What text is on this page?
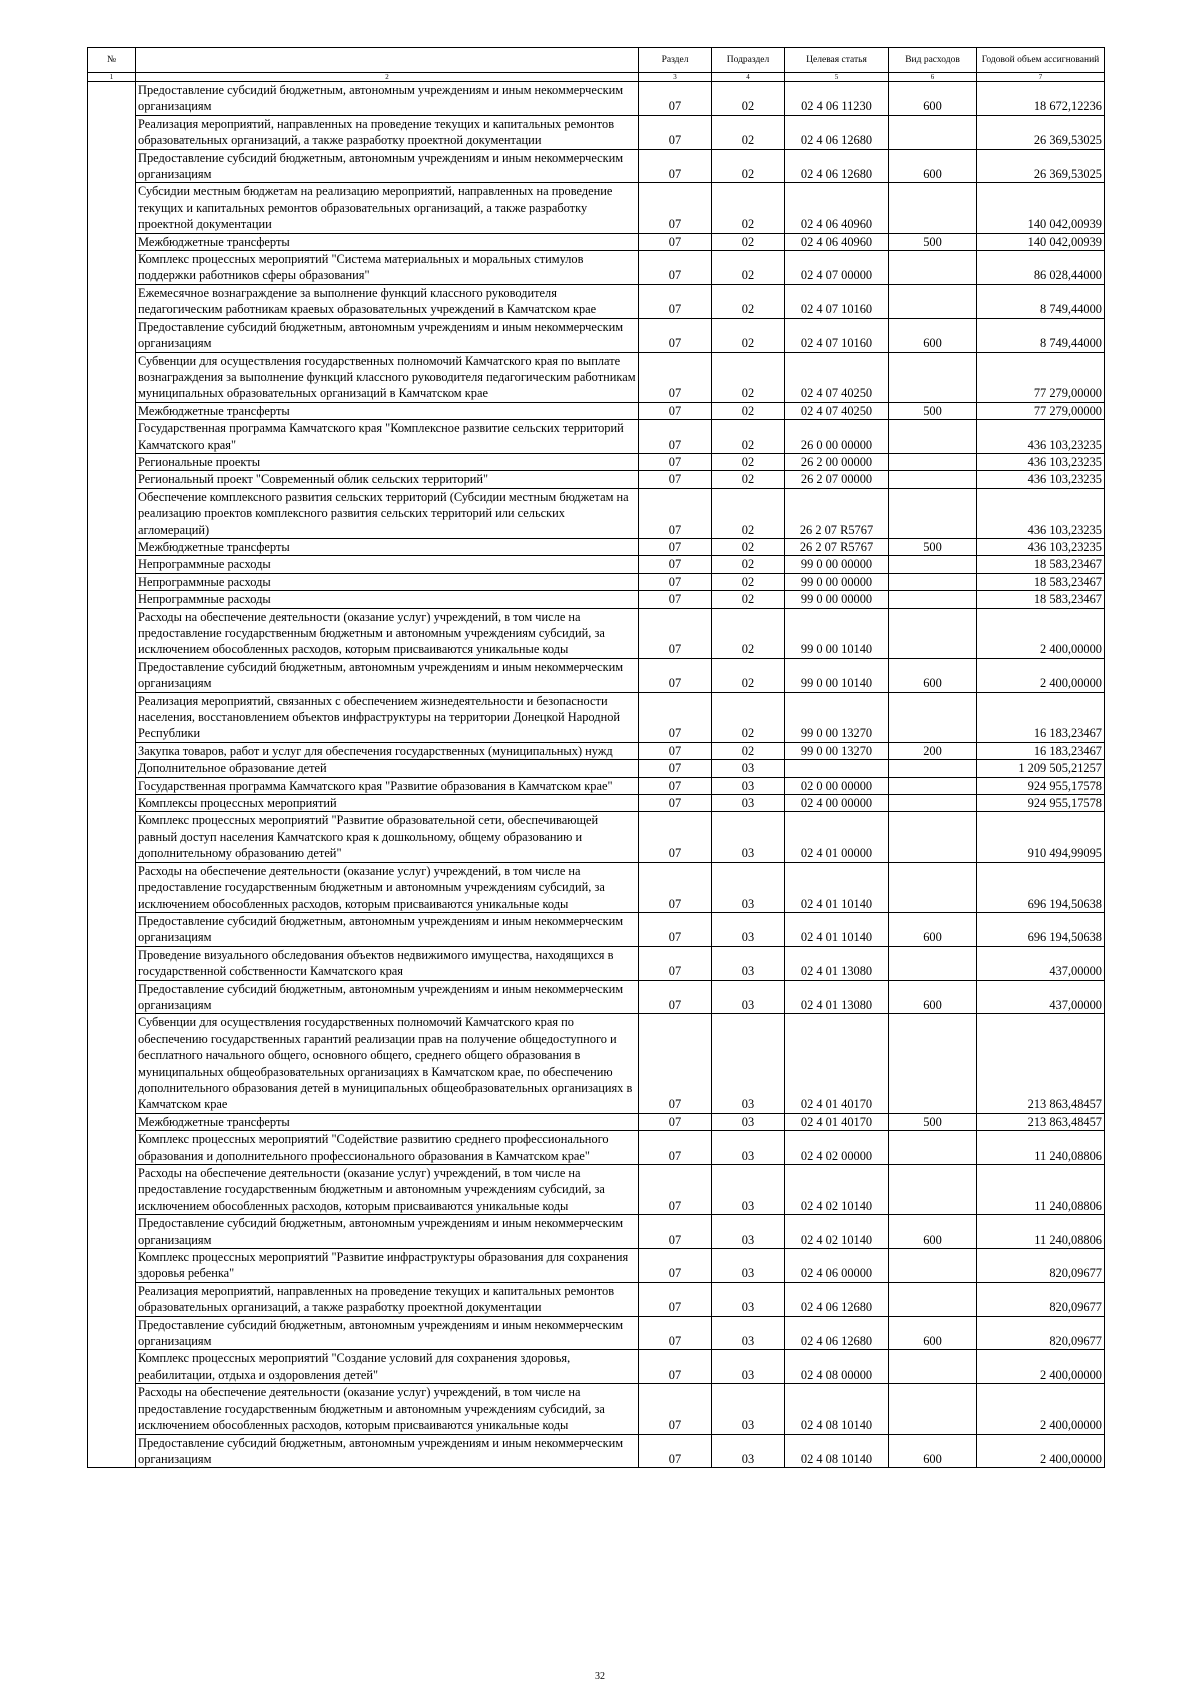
№		Раздел	Подраздел	Целевая статья	Вид расходов	Годовой объем ассигнований
1	2	3	4	5	6	7
	Предоставление субсидий бюджетным, автономным учреждениям и иным некоммерческим организациям	07	02	02 4 06 11230	600	18 672,12236
	Реализация мероприятий, направленных на проведение текущих и капитальных ремонтов образовательных организаций, а также разработку проектной документации	07	02	02 4 06 12680		26 369,53025
	Предоставление субсидий бюджетным, автономным учреждениям и иным некоммерческим организациям	07	02	02 4 06 12680	600	26 369,53025
	Субсидии местным бюджетам на реализацию мероприятий, направленных на проведение текущих и капитальных ремонтов образовательных организаций, а также разработку проектной документации	07	02	02 4 06 40960		140 042,00939
	Межбюджетные трансферты	07	02	02 4 06 40960	500	140 042,00939
	Комплекс процессных мероприятий "Система материальных и моральных стимулов поддержки работников сферы образования"	07	02	02 4 07 00000		86 028,44000
	Ежемесячное вознаграждение за выполнение функций классного руководителя педагогическим работникам краевых образовательных учреждений в Камчатском крае	07	02	02 4 07 10160		8 749,44000
	Предоставление субсидий бюджетным, автономным учреждениям и иным некоммерческим организациям	07	02	02 4 07 10160	600	8 749,44000
	Субвенции для осуществления государственных полномочий Камчатского края по выплате вознаграждения за выполнение функций классного руководителя педагогическим работникам муниципальных образовательных организаций в Камчатском крае	07	02	02 4 07 40250		77 279,00000
	Межбюджетные трансферты	07	02	02 4 07 40250	500	77 279,00000
	Государственная программа Камчатского края "Комплексное развитие сельских территорий Камчатского края"	07	02	26 0 00 00000		436 103,23235
	Региональные проекты	07	02	26 2 00 00000		436 103,23235
	Региональный проект "Современный облик сельских территорий"	07	02	26 2 07 00000		436 103,23235
	Обеспечение комплексного развития сельских территорий (Субсидии местным бюджетам на реализацию проектов комплексного развития сельских территорий или сельских агломераций)	07	02	26 2 07 R5767		436 103,23235
	Межбюджетные трансферты	07	02	26 2 07 R5767	500	436 103,23235
	Непрограммные расходы	07	02	99 0 00 00000		18 583,23467
	Непрограммные расходы	07	02	99 0 00 00000		18 583,23467
	Непрограммные расходы	07	02	99 0 00 00000		18 583,23467
	Расходы на обеспечение деятельности (оказание услуг) учреждений, в том числе на предоставление государственным бюджетным и автономным учреждениям субсидий, за исключением обособленных расходов, которым присваиваются уникальные коды	07	02	99 0 00 10140		2 400,00000
	Предоставление субсидий бюджетным, автономным учреждениям и иным некоммерческим организациям	07	02	99 0 00 10140	600	2 400,00000
	Реализация мероприятий, связанных с обеспечением жизнедеятельности и безопасности населения, восстановлением объектов инфраструктуры на территории Донецкой Народной Республики	07	02	99 0 00 13270		16 183,23467
	Закупка товаров, работ и услуг для обеспечения государственных (муниципальных) нужд	07	02	99 0 00 13270	200	16 183,23467
	Дополнительное образование детей	07	03			1 209 505,21257
	Государственная программа Камчатского края "Развитие образования в Камчатском крае"	07	03	02 0 00 00000		924 955,17578
	Комплексы процессных мероприятий	07	03	02 4 00 00000		924 955,17578
	Комплекс процессных мероприятий "Развитие образовательной сети, обеспечивающей равный доступ населения Камчатского края к дошкольному, общему образованию и дополнительному образованию детей"	07	03	02 4 01 00000		910 494,99095
	Расходы на обеспечение деятельности (оказание услуг) учреждений, в том числе на предоставление государственным бюджетным и автономным учреждениям субсидий, за исключением обособленных расходов, которым присваиваются уникальные коды	07	03	02 4 01 10140		696 194,50638
	Предоставление субсидий бюджетным, автономным учреждениям и иным некоммерческим организациям	07	03	02 4 01 10140	600	696 194,50638
	Проведение визуального обследования объектов недвижимого имущества, находящихся в государственной собственности Камчатского края	07	03	02 4 01 13080		437,00000
	Предоставление субсидий бюджетным, автономным учреждениям и иным некоммерческим организациям	07	03	02 4 01 13080	600	437,00000
	Субвенции для осуществления государственных полномочий Камчатского края по обеспечению государственных гарантий реализации прав на получение общедоступного и бесплатного начального общего, основного общего, среднего общего образования в муниципальных общеобразовательных организациях в Камчатском крае, по обеспечению дополнительного образования детей в муниципальных общеобразовательных организациях в Камчатском крае	07	03	02 4 01 40170		213 863,48457
	Межбюджетные трансферты	07	03	02 4 01 40170	500	213 863,48457
	Комплекс процессных мероприятий "Содействие развитию среднего профессионального образования и дополнительного профессионального образования в Камчатском крае"	07	03	02 4 02 00000		11 240,08806
	Расходы на обеспечение деятельности (оказание услуг) учреждений, в том числе на предоставление государственным бюджетным и автономным учреждениям субсидий, за исключением обособленных расходов, которым присваиваются уникальные коды	07	03	02 4 02 10140		11 240,08806
	Предоставление субсидий бюджетным, автономным учреждениям и иным некоммерческим организациям	07	03	02 4 02 10140	600	11 240,08806
	Комплекс процессных мероприятий "Развитие инфраструктуры образования для сохранения здоровья ребенка"	07	03	02 4 06 00000		820,09677
	Реализация мероприятий, направленных на проведение текущих и капитальных ремонтов образовательных организаций, а также разработку проектной документации	07	03	02 4 06 12680		820,09677
	Предоставление субсидий бюджетным, автономным учреждениям и иным некоммерческим организациям	07	03	02 4 06 12680	600	820,09677
	Комплекс процессных мероприятий "Создание условий для сохранения здоровья, реабилитации, отдыха и оздоровления детей"	07	03	02 4 08 00000		2 400,00000
	Расходы на обеспечение деятельности (оказание услуг) учреждений, в том числе на предоставление государственным бюджетным и автономным учреждениям субсидий, за исключением обособленных расходов, которым присваиваются уникальные коды	07	03	02 4 08 10140		2 400,00000
	Предоставление субсидий бюджетным, автономным учреждениям и иным некоммерческим организациям	07	03	02 4 08 10140	600	2 400,00000
32
